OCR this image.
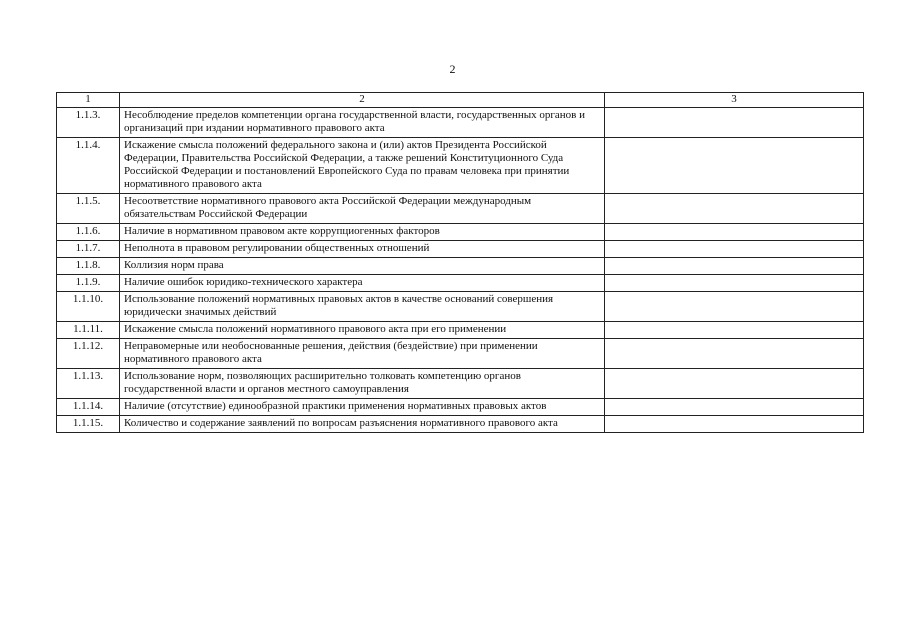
2
1	2	3
1.1.3.	Несоблюдение пределов компетенции органа государственной власти, государственных органов и организаций при издании нормативного правового акта	
1.1.4.	Искажение смысла положений федерального закона и (или) актов Президента Российской Федерации, Правительства Российской Федерации, а также решений Конституционного Суда Российской Федерации и постановлений Европейского Суда по правам человека при принятии нормативного правового акта	
1.1.5.	Несоответствие нормативного правового акта Российской Федерации международным обязательствам Российской Федерации	
1.1.6.	Наличие в нормативном правовом акте коррупциогенных факторов	
1.1.7.	Неполнота в правовом регулировании общественных отношений	
1.1.8.	Коллизия норм права	
1.1.9.	Наличие ошибок юридико-технического характера	
1.1.10.	Использование положений нормативных правовых актов в качестве оснований совершения юридически значимых действий	
1.1.11.	Искажение смысла положений нормативного правового акта при его применении	
1.1.12.	Неправомерные или необоснованные решения, действия (бездействие) при применении нормативного правового акта	
1.1.13.	Использование норм, позволяющих расширительно толковать компетенцию органов государственной власти и органов местного самоуправления	
1.1.14.	Наличие (отсутствие) единообразной практики применения нормативных правовых актов	
1.1.15.	Количество и содержание заявлений по вопросам разъяснения нормативного правового акта	
